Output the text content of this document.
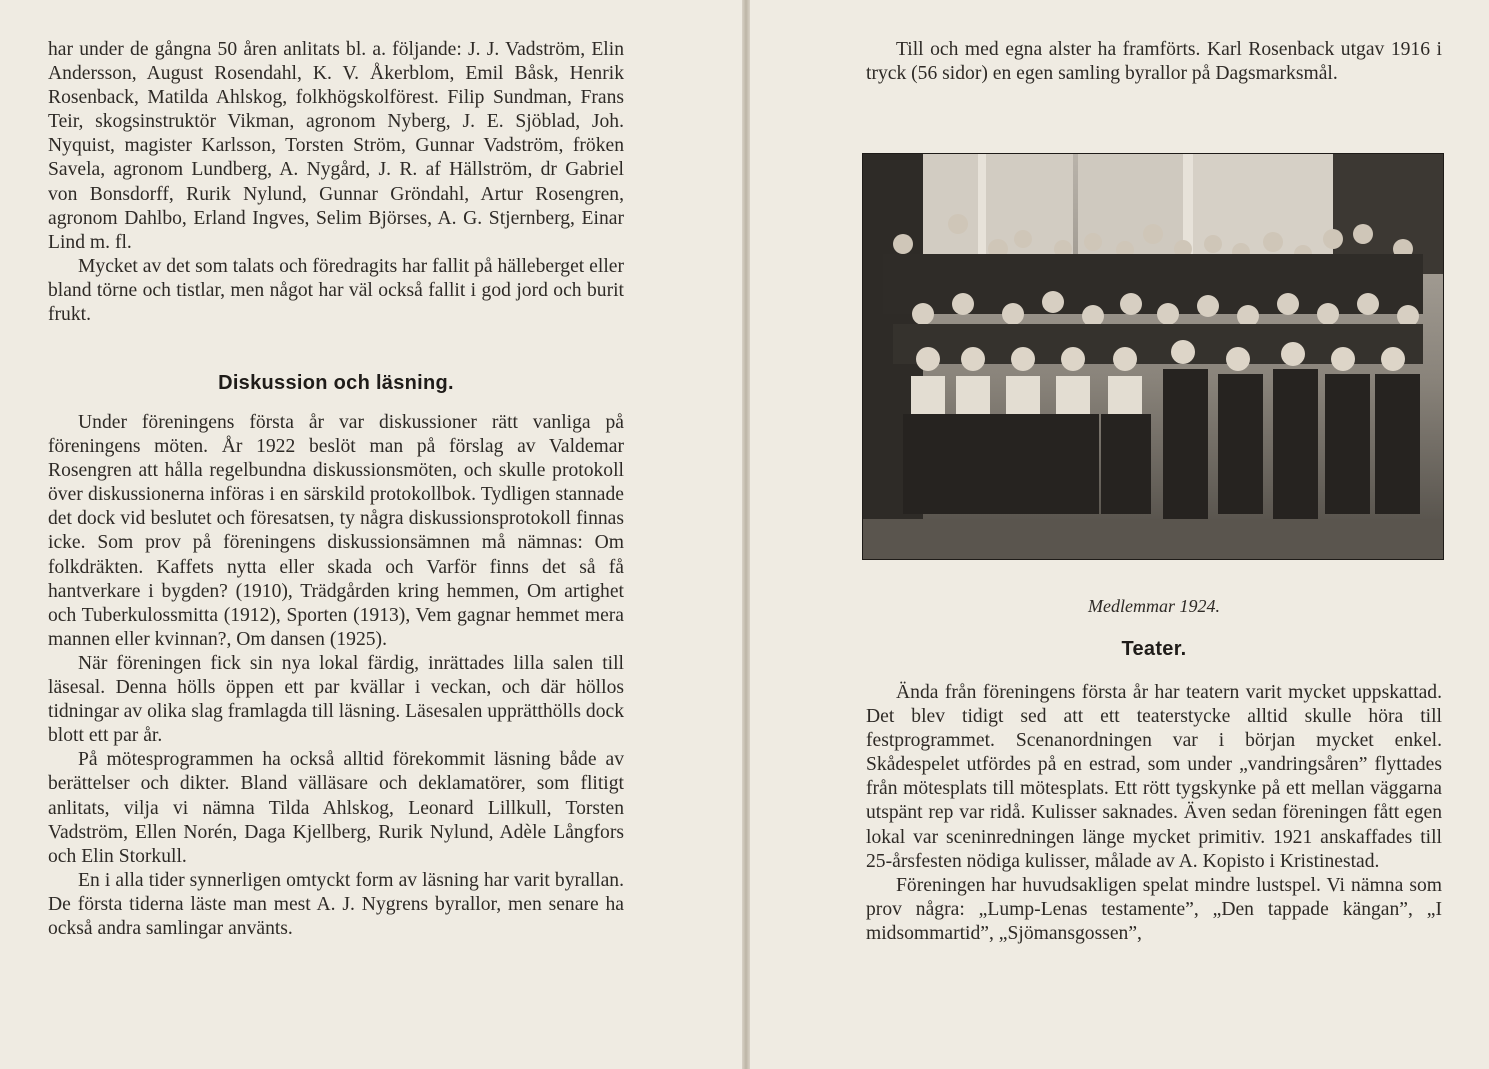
har under de gångna 50 åren anlitats bl. a. följande: J. J. Vadström, Elin Andersson, August Rosendahl, K. V. Åkerblom, Emil Båsk, Henrik Rosenback, Matilda Ahlskog, folkhögskolförest. Filip Sundman, Frans Teir, skogsinstruktör Vikman, agronom Nyberg, J. E. Sjöblad, Joh. Nyquist, magister Karlsson, Torsten Ström, Gunnar Vadström, fröken Savela, agronom Lundberg, A. Nygård, J. R. af Hällström, dr Gabriel von Bonsdorff, Rurik Nylund, Gunnar Gröndahl, Artur Rosengren, agronom Dahlbo, Erland Ingves, Selim Björses, A. G. Stjernberg, Einar Lind m. fl.

Mycket av det som talats och föredragits har fallit på hälleberget eller bland törne och tistlar, men något har väl också fallit i god jord och burit frukt.

Diskussion och läsning.

Under föreningens första år var diskussioner rätt vanliga på föreningens möten. År 1922 beslöt man på förslag av Valdemar Rosengren att hålla regelbundna diskussionsmöten, och skulle protokoll över diskussionerna införas i en särskild protokollbok. Tydligen stannade det dock vid beslutet och föresatsen, ty några diskussionsprotokoll finnas icke. Som prov på föreningens diskussionsämnen må nämnas: Om folkdräkten. Kaffets nytta eller skada och Varför finns det så få hantverkare i bygden? (1910), Trädgården kring hemmen, Om artighet och Tuberkulossmitta (1912), Sporten (1913), Vem gagnar hemmet mera mannen eller kvinnan?, Om dansen (1925).

När föreningen fick sin nya lokal färdig, inrättades lilla salen till läsesal. Denna hölls öppen ett par kvällar i veckan, och där höllos tidningar av olika slag framlagda till läsning. Läsesalen upprätthölls dock blott ett par år.

På mötesprogrammen ha också alltid förekommit läsning både av berättelser och dikter. Bland välläsare och deklamatörer, som flitigt anlitats, vilja vi nämna Tilda Ahlskog, Leonard Lillkull, Torsten Vadström, Ellen Norén, Daga Kjellberg, Rurik Nylund, Adèle Långfors och Elin Storkull.

En i alla tider synnerligen omtyckt form av läsning har varit byrallan. De första tiderna läste man mest A. J. Nygrens byrallor, men senare ha också andra samlingar använts.

Till och med egna alster ha framförts. Karl Rosenback utgav 1916 i tryck (56 sidor) en egen samling byrallor på Dagsmarksmål.

Medlemmar 1924.
Teater.

Ända från föreningens första år har teatern varit mycket uppskattad. Det blev tidigt sed att ett teaterstycke alltid skulle höra till festprogrammet. Scenanordningen var i början mycket enkel. Skådespelet utfördes på en estrad, som under „vandringsåren” flyttades från mötesplats till mötesplats. Ett rött tygskynke på ett mellan väggarna utspänt rep var ridå. Kulisser saknades. Även sedan föreningen fått egen lokal var sceninredningen länge mycket primitiv. 1921 anskaffades till 25-årsfesten nödiga kulisser, målade av A. Kopisto i Kristinestad.

Föreningen har huvudsakligen spelat mindre lustspel. Vi nämna som prov några: „Lump-Lenas testamente”, „Den tappade kängan”, „I midsommartid”, „Sjömansgossen”,
